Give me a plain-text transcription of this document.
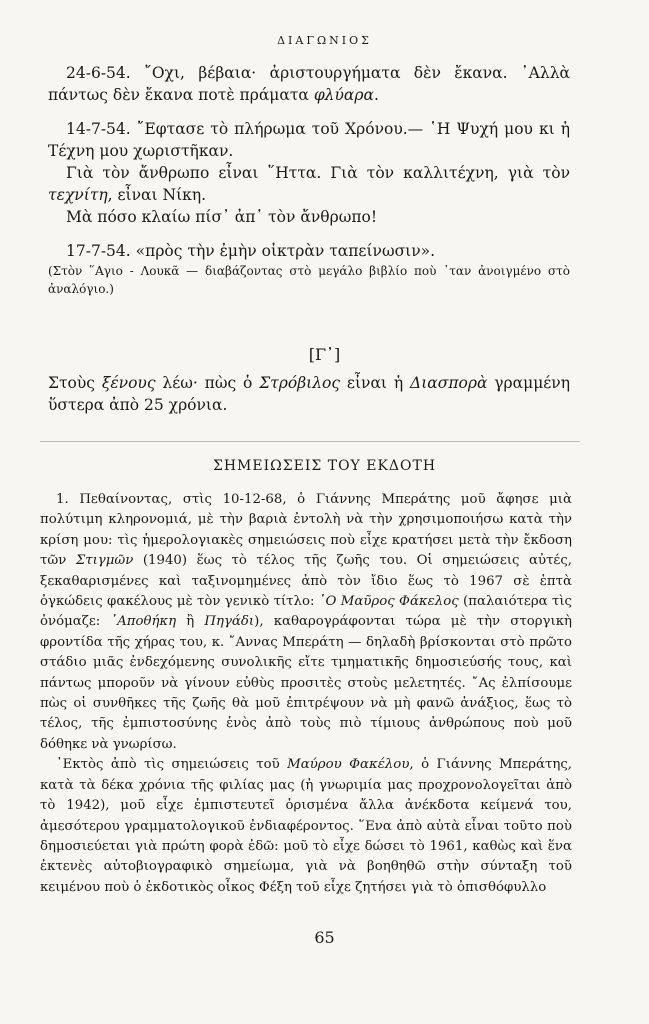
ΔΙΑΓΩΝΙΟΣ

24-6-54. ῎Οχι, βέβαια· ἀριστουργήματα δὲν ἔκανα. ᾽Αλλὰ πάντως δὲν ἔκανα ποτὲ πράματα φλύαρα.

14-7-54. ῎Εφτασε τὸ πλήρωμα τοῦ Χρόνου.— ῾Η Ψυχή μου κι ἡ Τέχνη μου χωριστῆκαν.

Γιὰ τὸν ἄνθρωπο εἶναι ῞Ηττα. Γιὰ τὸν καλλιτέχνη, γιὰ τὸν τεχνίτη, εἶναι Νίκη.

Μὰ πόσο κλαίω πίσ᾽ ἀπ᾽ τὸν ἄνθρωπο!

17-7-54. «πρὸς τὴν ἐμὴν οἰκτρὰν ταπείνωσιν».

(Στὸν ῞Αγιο - Λουκᾶ — διαβάζοντας στὸ μεγάλο βιβλίο ποὺ ᾽ταν ἀνοιγμένο στὸ ἀναλόγιο.)

[Γ᾽]

Στοὺς ξένους λέω· πὼς ὁ Στρόβιλος εἶναι ἡ Διασπορὰ γραμμένη ὕστερα ἀπὸ 25 χρόνια.

ΣΗΜΕΙΩΣΕΙΣ ΤΟΥ ΕΚΔΟΤΗ

1. Πεθαίνοντας, στὶς 10-12-68, ὁ Γιάννης Μπεράτης μοῦ ἄφησε μιὰ πολύτιμη κληρονομιά, μὲ τὴν βαριὰ ἐντολὴ νὰ τὴν χρησιμοποιήσω κατὰ τὴν κρίση μου: τὶς ἡμερολογιακὲς σημειώσεις ποὺ εἶχε κρατήσει μετὰ τὴν ἔκδοση τῶν Στιγμῶν (1940) ἕως τὸ τέλος τῆς ζωῆς του. Οἱ σημειώσεις αὐτές, ξεκαθαρισμένες καὶ ταξινομημένες ἀπὸ τὸν ἴδιο ἕως τὸ 1967 σὲ ἑπτὰ ὀγκώδεις φακέλους μὲ τὸν γενικὸ τίτλο: ῾Ο Μαῦρος Φάκελος (παλαιότερα τὶς ὀνόμαζε: ᾽Αποθήκη ἢ Πηγάδι), καθαρογράφονται τώρα μὲ τὴν στοργικὴ φροντίδα τῆς χήρας του, κ. ῎Αννας Μπεράτη — δηλαδὴ βρίσκονται στὸ πρῶτο στάδιο μιᾶς ἐνδεχόμενης συνολικῆς εἴτε τμηματικῆς δημοσιεύσής τους, καὶ πάντως μποροῦν νὰ γίνουν εὐθὺς προσιτὲς στοὺς μελετητές. ῎Ας ἐλπίσουμε πὼς οἱ συνθῆκες τῆς ζωῆς θὰ μοῦ ἐπιτρέψουν νὰ μὴ φανῶ ἀνάξιος, ἕως τὸ τέλος, τῆς ἐμπιστοσύνης ἑνὸς ἀπὸ τοὺς πιὸ τίμιους ἀνθρώπους ποὺ μοῦ δόθηκε νὰ γνωρίσω.

᾽Εκτὸς ἀπὸ τὶς σημειώσεις τοῦ Μαύρου Φακέλου, ὁ Γιάννης Μπεράτης, κατὰ τὰ δέκα χρόνια τῆς φιλίας μας (ἡ γνωριμία μας προχρονολογεῖται ἀπὸ τὸ 1942), μοῦ εἶχε ἐμπιστευτεῖ ὁρισμένα ἄλλα ἀνέκδοτα κείμενά του, ἀμεσότερου γραμματολογικοῦ ἐνδιαφέροντος. ῞Ενα ἀπὸ αὐτὰ εἶναι τοῦτο ποὺ δημοσιεύεται γιὰ πρώτη φορὰ ἐδῶ: μοῦ τὸ εἶχε δώσει τὸ 1961, καθὼς καὶ ἕνα ἐκτενὲς αὐτοβιογραφικὸ σημείωμα, γιὰ νὰ βοηθηθῶ στὴν σύνταξη τοῦ κειμένου ποὺ ὁ ἐκδοτικὸς οἶκος Φέξη τοῦ εἶχε ζητήσει γιὰ τὸ ὀπισθόφυλλο

65
